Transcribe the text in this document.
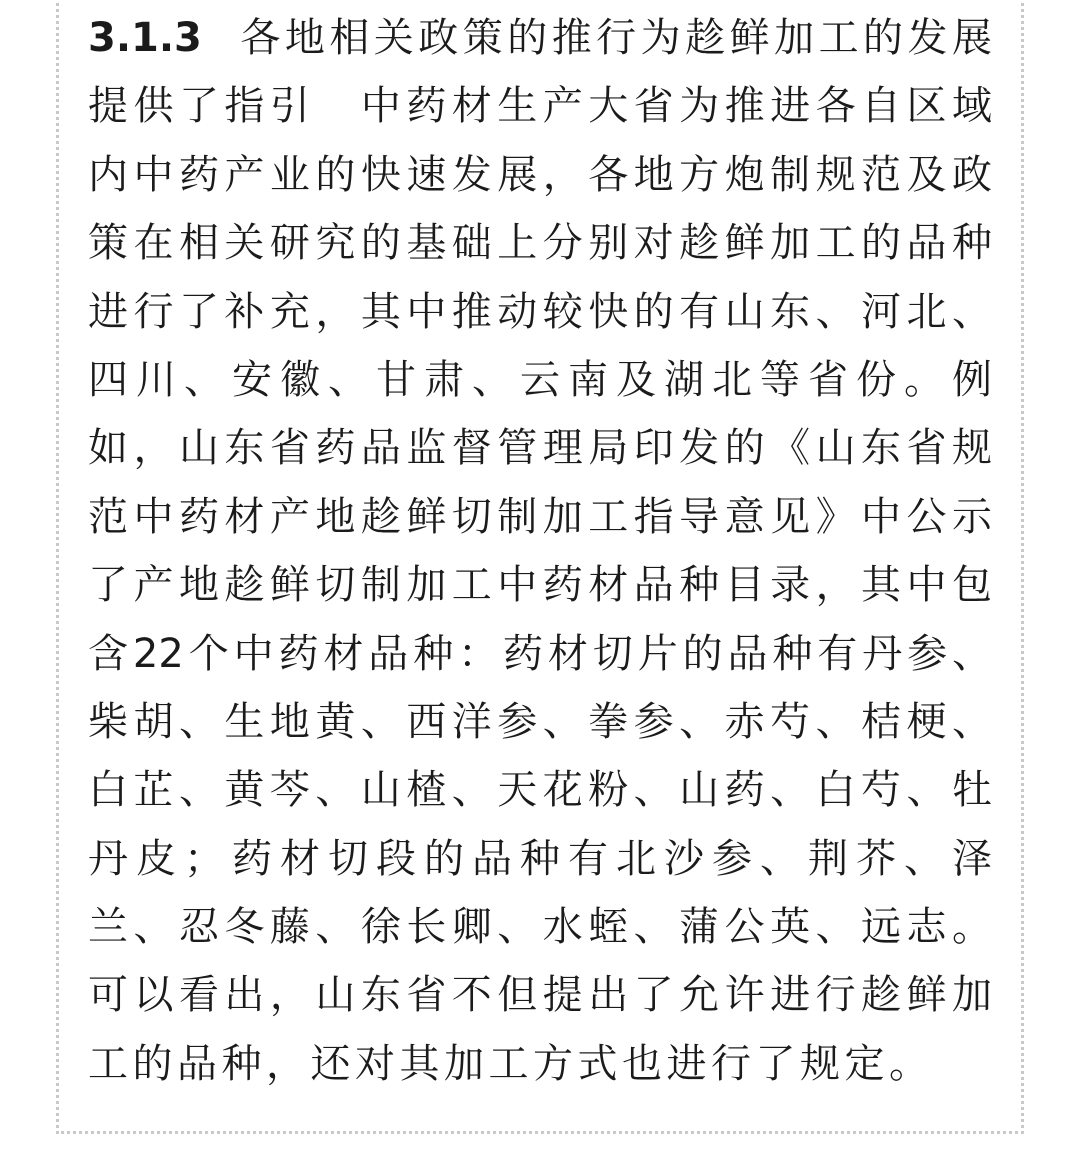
3.1.3 各地相关政策的推行为趁鲜加工的发展
提供了指引　中药材生产大省为推进各自区域
内中药产业的快速发展，各地方炮制规范及政
策在相关研究的基础上分别对趁鲜加工的品种
进行了补充，其中推动较快的有山东、河北、
四川、安徽、甘肃、云南及湖北等省份。例
如，山东省药品监督管理局印发的《山东省规
范中药材产地趁鲜切制加工指导意见》中公示
了产地趁鲜切制加工中药材品种目录，其中包
含22个中药材品种：药材切片的品种有丹参、
柴胡、生地黄、西洋参、拳参、赤芍、桔梗、
白芷、黄芩、山楂、天花粉、山药、白芍、牡
丹皮；药材切段的品种有北沙参、荆芥、泽
兰、忍冬藤、徐长卿、水蛭、蒲公英、远志。
可以看出，山东省不但提出了允许进行趁鲜加
工的品种，还对其加工方式也进行了规定。
